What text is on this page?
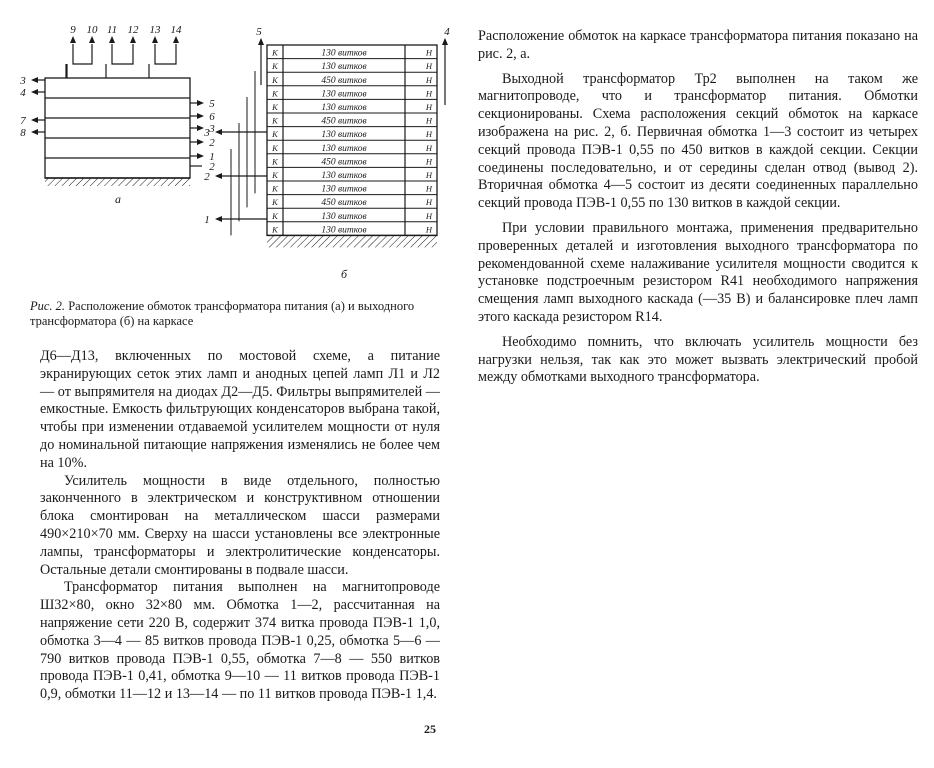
9 10 11 12 13 14
3
4
7
8
5
6
3
2
1
2
а
К	130 витков	Н
К	130 витков	Н
К	450 витков	Н
К	130 витков	Н
К	130 витков	Н
К	450 витков	Н
К	130 витков	Н
К	130 витков	Н
К	450 витков	Н
К	130 витков	Н
К	130 витков	Н
К	450 витков	Н
К	130 витков	Н
К	130 витков	Н
5	4
3
2
1
б
Рис. 2. Расположение обмоток трансформатора питания (а) и выходного трансформатора (б) на каркасе

Д6—Д13, включенных по мостовой схеме, а питание экранирующих сеток этих ламп и анодных цепей ламп Л1 и Л2 — от выпрямителя на диодах Д2—Д5. Фильтры выпрямителей — емкостные. Емкость фильтрующих конденсаторов выбрана такой, чтобы при изменении отдаваемой усилителем мощности от нуля до номинальной питающие напряжения изменялись не более чем на 10%.

Усилитель мощности в виде отдельного, полностью законченного в электрическом и конструктивном отношении блока смонтирован на металлическом шасси размерами 490×210×70 мм. Сверху на шасси установлены все электронные лампы, трансформаторы и электролитические конденсаторы. Остальные детали смонтированы в подвале шасси.

Трансформатор питания выполнен на магнитопроводе Ш32×80, окно 32×80 мм. Обмотка 1—2, рассчитанная на напряжение сети 220 В, содержит 374 витка провода ПЭВ-1 1,0, обмотка 3—4 — 85 витков провода ПЭВ-1 0,25, обмотка 5—6 — 790 витков провода ПЭВ-1 0,55, обмотка 7—8 — 550 витков провода ПЭВ-1 0,41, обмотка 9—10 — 11 витков провода ПЭВ-1 0,9, обмотки 11—12 и 13—14 — по 11 витков провода ПЭВ-1 1,4.

25

Расположение обмоток на каркасе трансформатора питания показано на рис. 2, а.

Выходной трансформатор Тр2 выполнен на таком же магнитопроводе, что и трансформатор питания. Обмотки секционированы. Схема расположения секций обмоток на каркасе изображена на рис. 2, б. Первичная обмотка 1—3 состоит из четырех секций провода ПЭВ-1 0,55 по 450 витков в каждой секции. Секции соединены последовательно, и от середины сделан отвод (вывод 2). Вторичная обмотка 4—5 состоит из десяти соединенных параллельно секций провода ПЭВ-1 0,55 по 130 витков в каждой секции.

При условии правильного монтажа, применения предварительно проверенных деталей и изготовления выходного трансформатора по рекомендованной схеме налаживание усилителя мощности сводится к установке подстроечным резистором R41 необходимого напряжения смещения ламп выходного каскада (—35 В) и балансировке плеч ламп этого каскада резистором R14.

Необходимо помнить, что включать усилитель мощности без нагрузки нельзя, так как это может вызвать электрический пробой между обмотками выходного трансформатора.
